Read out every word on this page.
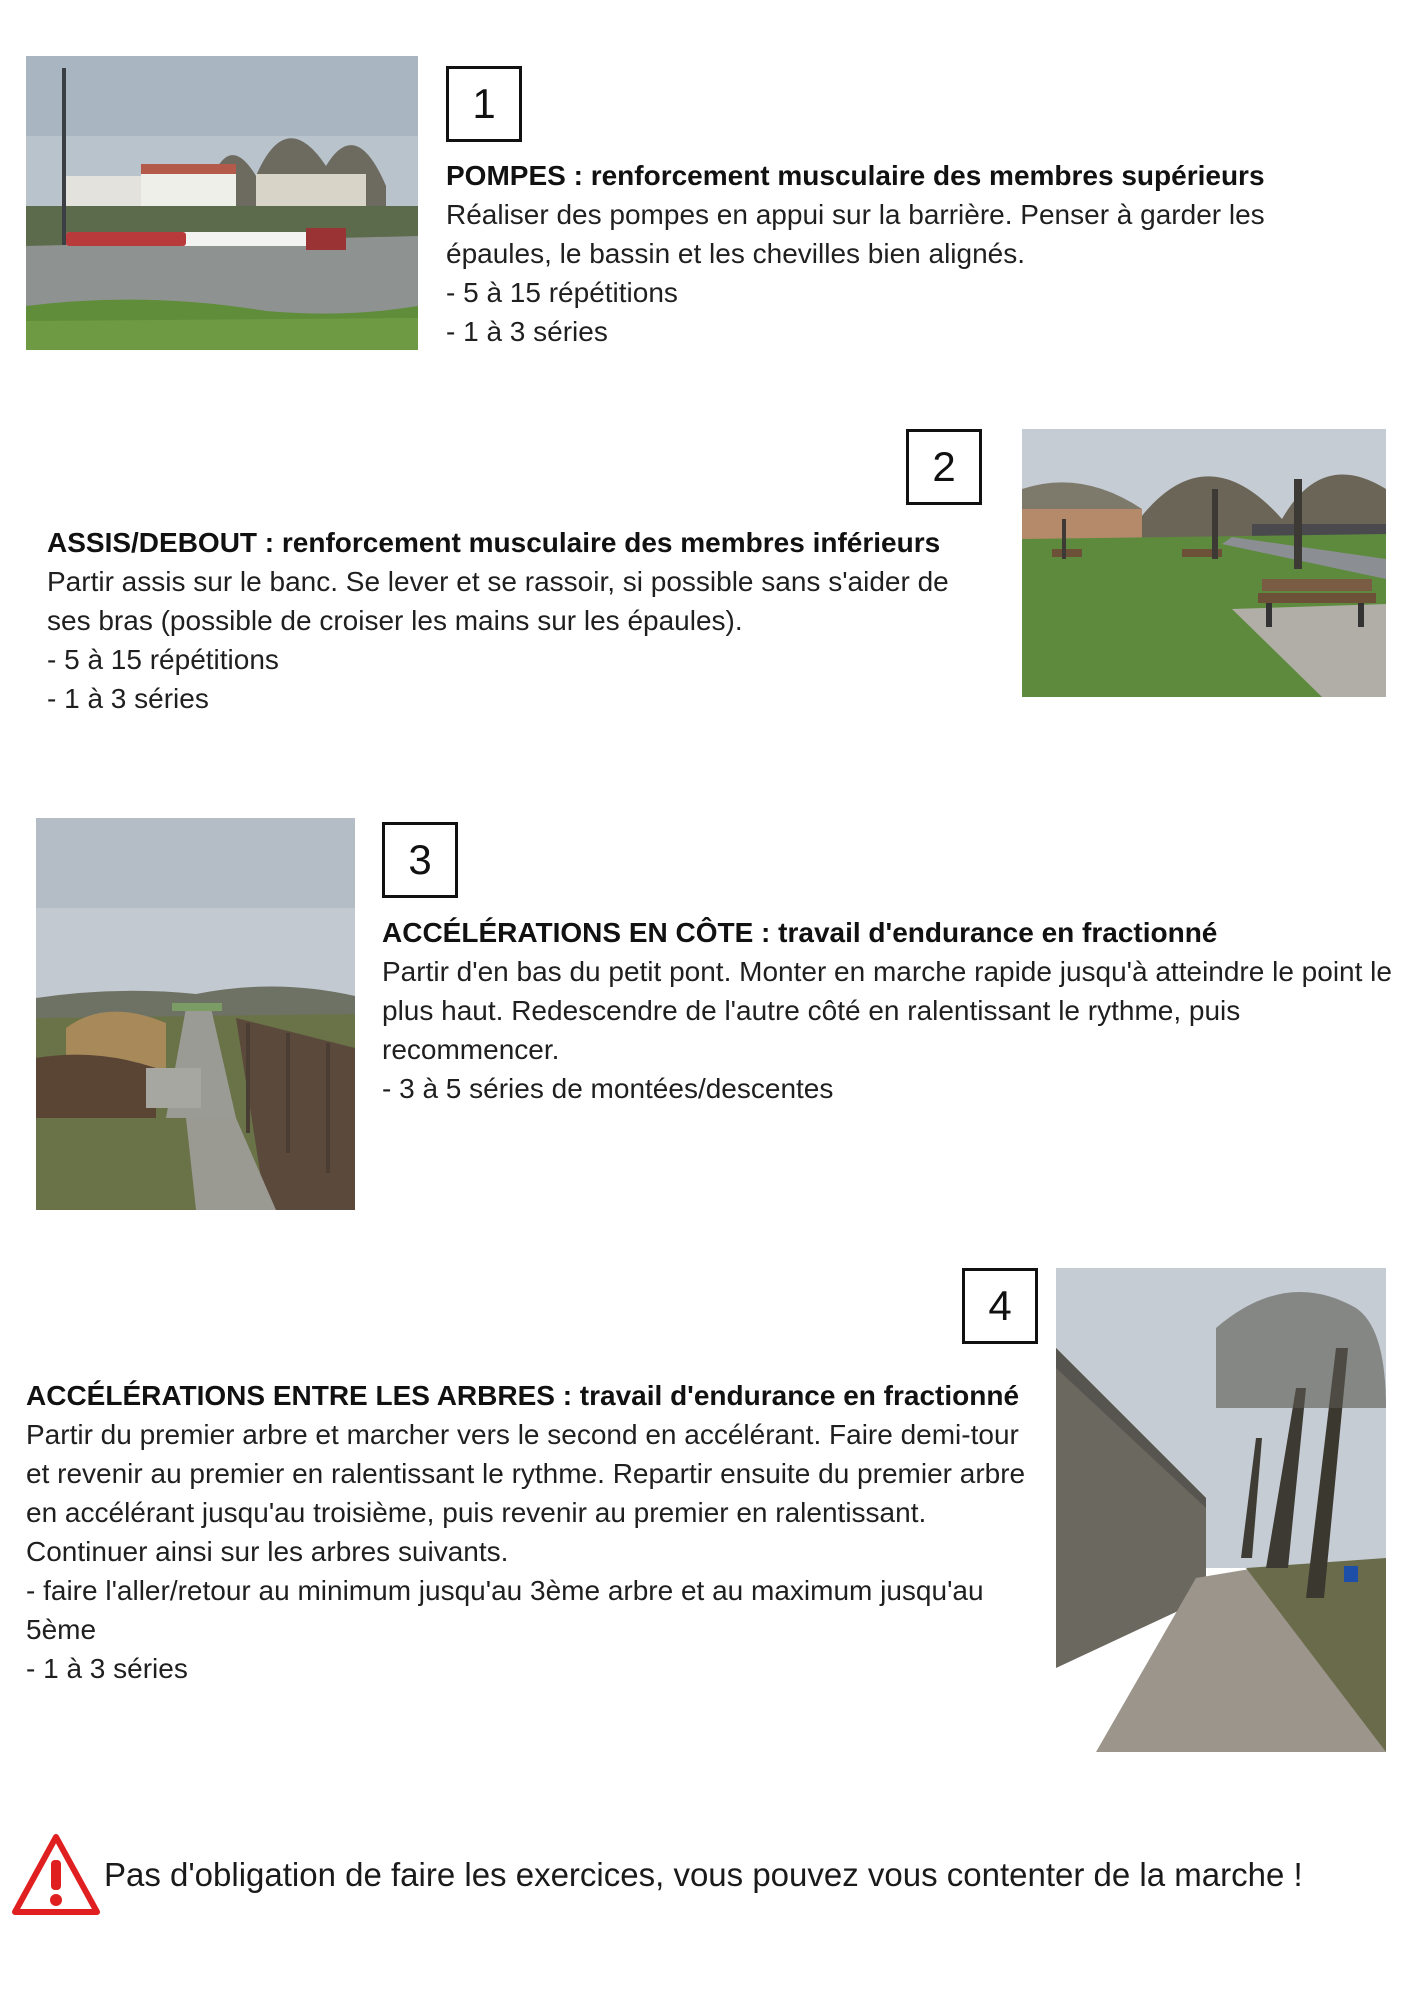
1

POMPES : renforcement musculaire des membres supérieurs

Réaliser des pompes en appui sur la barrière. Penser à garder les épaules, le bassin et les chevilles bien alignés.

- 5 à 15 répétitions

- 1 à 3 séries

2

ASSIS/DEBOUT : renforcement musculaire des membres inférieurs

Partir assis sur le banc. Se lever et se rassoir, si possible sans s'aider de ses bras (possible de croiser les mains sur les épaules).

- 5 à 15 répétitions

- 1 à 3 séries

3

ACCÉLÉRATIONS EN CÔTE : travail d'endurance en fractionné

Partir d'en bas du petit pont. Monter en marche rapide jusqu'à atteindre le point le plus haut. Redescendre de l'autre côté en ralentissant le rythme, puis recommencer.

- 3 à 5 séries de montées/descentes

4

ACCÉLÉRATIONS ENTRE LES ARBRES : travail d'endurance en fractionné

Partir du premier arbre et marcher vers le second en accélérant. Faire demi-tour et revenir au premier en ralentissant le rythme. Repartir ensuite du premier arbre en accélérant jusqu'au troisième, puis revenir au premier en ralentissant. Continuer ainsi sur les arbres suivants.

- faire l'aller/retour au minimum jusqu'au 3ème arbre et au maximum jusqu'au 5ème

- 1 à 3 séries

Pas d'obligation de faire les exercices, vous pouvez vous contenter de la marche !
